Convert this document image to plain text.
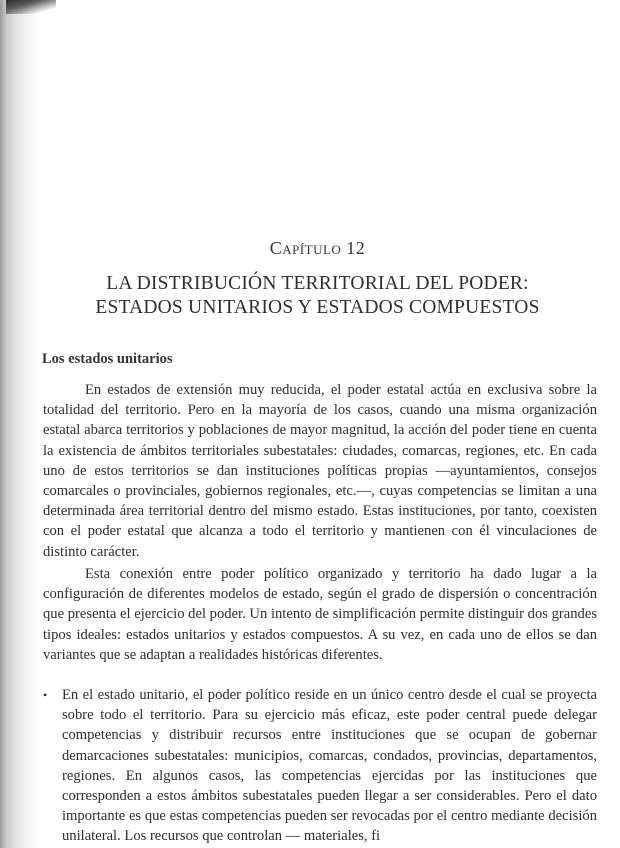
Capítulo 12
LA DISTRIBUCIÓN TERRITORIAL DEL PODER:
ESTADOS UNITARIOS Y ESTADOS COMPUESTOS
Los estados unitarios

En estados de extensión muy reducida, el poder estatal actúa en exclusiva sobre la totalidad del territorio. Pero en la mayoría de los casos, cuando una misma organización estatal abarca territorios y poblaciones de mayor magnitud, la acción del poder tiene en cuenta la existencia de ámbitos territoriales subestatales: ciudades, comarcas, regiones, etc. En cada uno de estos territorios se dan instituciones políticas propias —ayuntamientos, consejos comarcales o provinciales, gobiernos regionales, etc.—, cuyas competencias se limitan a una determinada área territorial dentro del mismo estado. Estas instituciones, por tanto, coexisten con el poder estatal que alcanza a todo el territorio y mantienen con él vinculaciones de distinto carácter.

Esta conexión entre poder político organizado y territorio ha dado lugar a la configuración de diferentes modelos de estado, según el grado de dispersión o concentración que presenta el ejercicio del poder. Un intento de simplificación permite distinguir dos grandes tipos ideales: estados unitarios y estados compuestos. A su vez, en cada uno de ellos se dan variantes que se adaptan a realidades históricas diferentes.

• En el estado unitario, el poder político reside en un único centro desde el cual se proyecta sobre todo el territorio. Para su ejercicio más eficaz, este poder central puede delegar competencias y distribuir recursos entre instituciones que se ocupan de gobernar demarcaciones subestatales: municipios, comarcas, condados, provincias, departamentos, regiones. En algunos casos, las competencias ejercidas por las instituciones que corresponden a estos ámbitos subestatales pueden llegar a ser considerables. Pero el dato importante es que estas competencias pueden ser revocadas por el centro mediante decisión unilateral. Los recursos que controlan — materiales, fi
